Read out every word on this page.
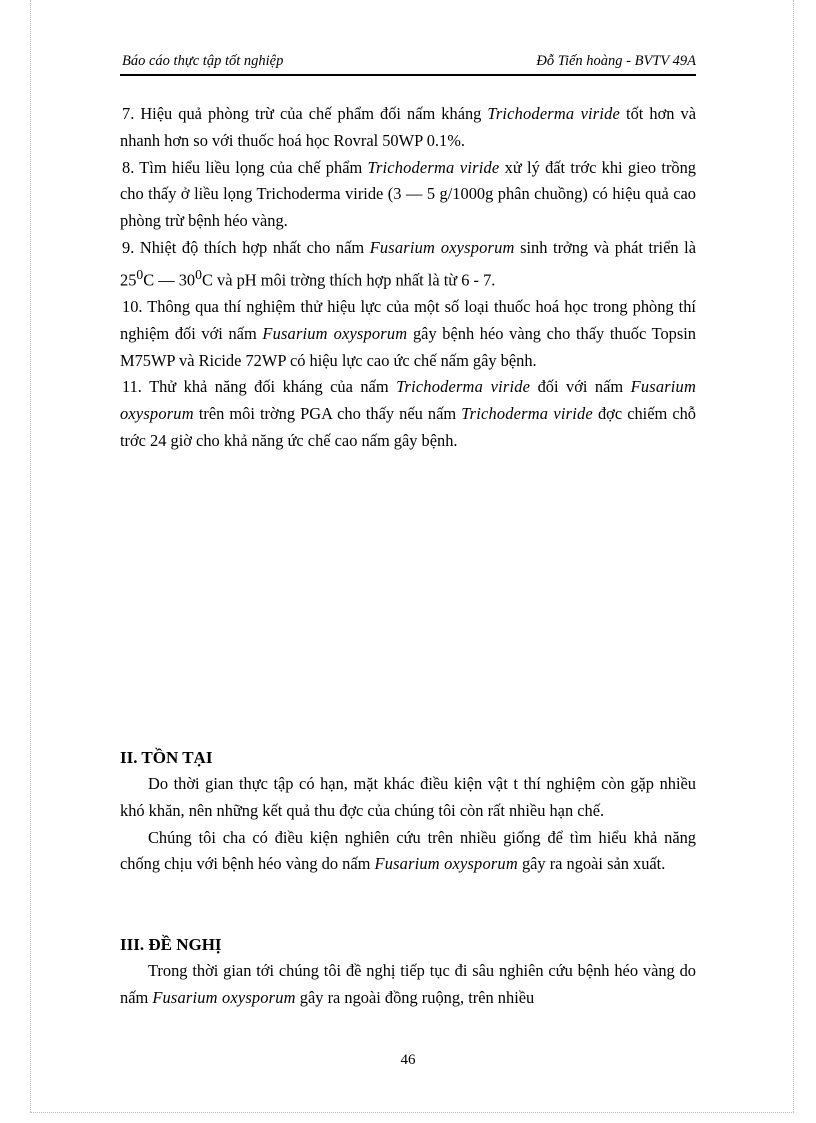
Báo cáo thực tập tốt nghiệp	Đỗ Tiến hoàng - BVTV 49A

7. Hiệu quả phòng trừ của chế phẩm đối nấm kháng Trichoderma viride tốt hơn và nhanh hơn so với thuốc hoá học Rovral 50WP 0.1%.

8. Tìm hiểu liều lọng của chế phẩm Trichoderma viride xử lý đất trớc khi gieo trồng cho thấy ở liều lọng Trichoderma viride (3 — 5 g/1000g phân chuồng) có hiệu quả cao phòng trừ bệnh héo vàng.

9. Nhiệt độ thích hợp nhất cho nấm Fusarium oxysporum sinh trởng và phát triển là $25^0C$ — $30^0C$ và pH môi trờng thích hợp nhất là từ 6 - 7.

10. Thông qua thí nghiệm thử hiệu lực của một số loại thuốc hoá học trong phòng thí nghiệm đối với nấm Fusarium oxysporum gây bệnh héo vàng cho thấy thuốc Topsin M75WP và Ricide 72WP có hiệu lực cao ức chế nấm gây bệnh.

11. Thử khả năng đối kháng của nấm Trichoderma viride đối với nấm Fusarium oxysporum trên môi trờng PGA cho thấy nếu nấm Trichoderma viride đợc chiếm chỗ trớc 24 giờ cho khả năng ức chế cao nấm gây bệnh.

II. TỒN TẠI

Do thời gian thực tập có hạn, mặt khác điều kiện vật t thí nghiệm còn gặp nhiều khó khăn, nên những kết quả thu đợc của chúng tôi còn rất nhiều hạn chế.

Chúng tôi cha có điều kiện nghiên cứu trên nhiều giống để tìm hiểu khả năng chống chịu với bệnh héo vàng do nấm Fusarium oxysporum gây ra ngoài sản xuất.

III. ĐỀ NGHỊ

Trong thời gian tới chúng tôi đề nghị tiếp tục đi sâu nghiên cứu bệnh héo vàng do nấm Fusarium oxysporum gây ra ngoài đồng ruộng, trên nhiều

46
